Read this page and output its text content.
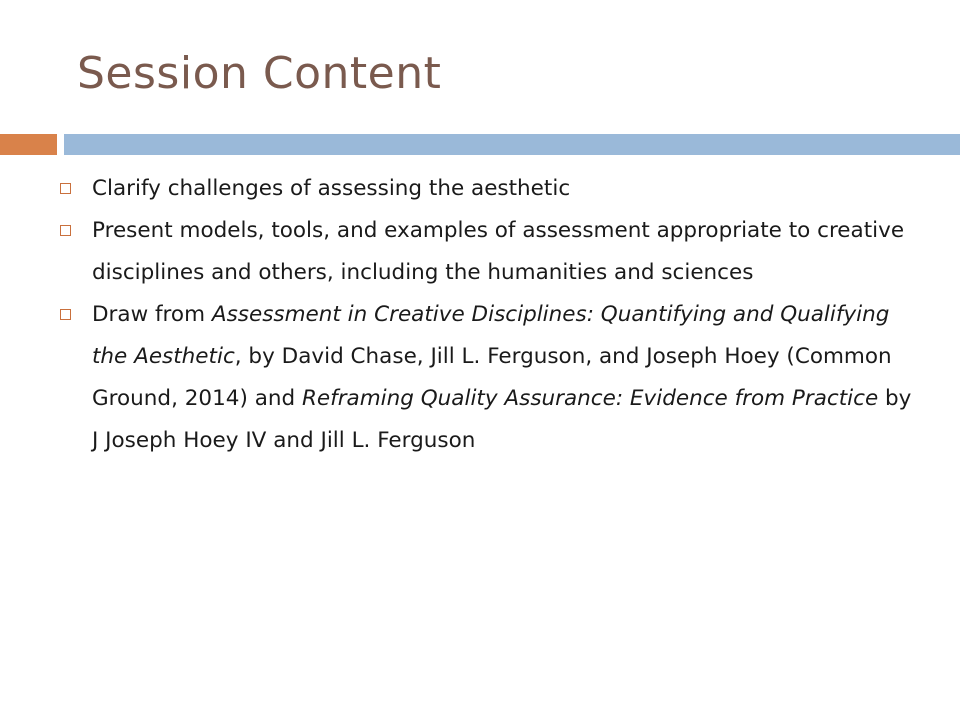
Session Content
Clarify challenges of assessing the aesthetic
Present models, tools, and examples of assessment appropriate to creative disciplines and others, including the humanities and sciences
Draw from Assessment in Creative Disciplines: Quantifying and Qualifying the Aesthetic, by David Chase, Jill L. Ferguson, and Joseph Hoey (Common Ground, 2014) and Reframing Quality Assurance: Evidence from Practice by J Joseph Hoey IV and Jill L. Ferguson
